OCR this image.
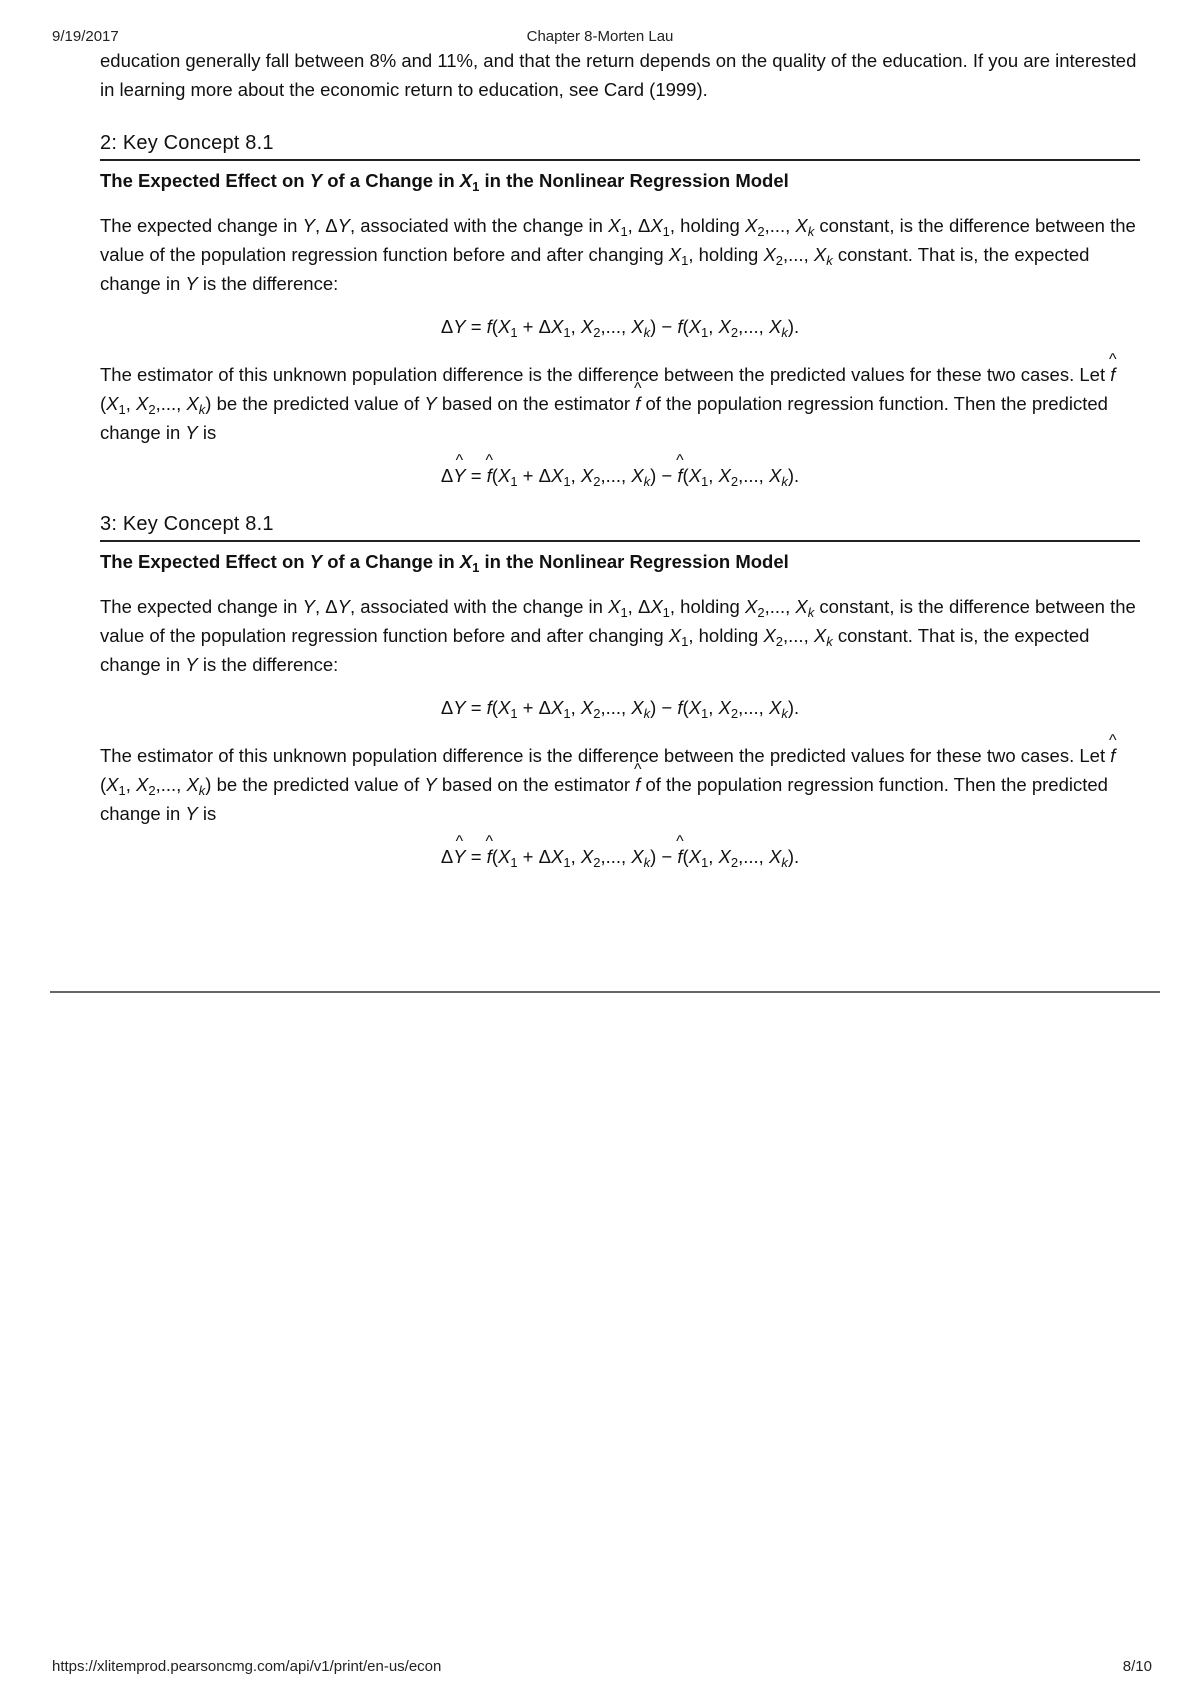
9/19/2017	Chapter 8-Morten Lau

education generally fall between 8% and 11%, and that the return depends on the quality of the education. If you are interested in learning more about the economic return to education, see Card (1999).

2: Key Concept 8.1
The Expected Effect on Y of a Change in $X_1$ in the Nonlinear Regression Model

The expected change in Y, ΔY, associated with the change in $X_1$, $\Delta X_1$, holding $X_2$,..., $X_k$ constant, is the difference between the value of the population regression function before and after changing $X_1$, holding $X_2$,..., $X_k$ constant. That is, the expected change in Y is the difference:

$\Delta Y = f(X_1 + \Delta X_1$, $X_2$,..., $X_k) - f(X_1$, $X_2$,..., $X_k$).

The estimator of this unknown population difference is the difference between the predicted values for these two cases. Let ^ $f(X_1$, $X_2$,..., $X_k$) be the predicted value of Y based on the estimator ^ f of the population regression function. Then the predicted change in Y is

Δ^ Y = ^ $f(X_1 + \Delta X_1$, $X_2$,..., $X_k$) − ^ $f(X_1$, $X_2$,..., $X_k$).
3: Key Concept 8.1
The Expected Effect on Y of a Change in $X_1$ in the Nonlinear Regression Model

The expected change in Y, ΔY, associated with the change in $X_1$, $\Delta X_1$, holding $X_2$,..., $X_k$ constant, is the difference between the value of the population regression function before and after changing $X_1$, holding $X_2$,..., $X_k$ constant. That is, the expected change in Y is the difference:

$\Delta Y = f(X_1 + \Delta X_1$, $X_2$,..., $X_k) - f(X_1$, $X_2$,..., $X_k$).

The estimator of this unknown population difference is the difference between the predicted values for these two cases. Let ^ $f(X_1$, $X_2$,..., $X_k$) be the predicted value of Y based on the estimator ^ f of the population regression function. Then the predicted change in Y is

Δ^ Y = ^ $f(X_1 + \Delta X_1$, $X_2$,..., $X_k$) − ^ $f(X_1$, $X_2$,..., $X_k$).
https://xlitemprod.pearsoncmg.com/api/v1/print/en-us/econ	8/10
